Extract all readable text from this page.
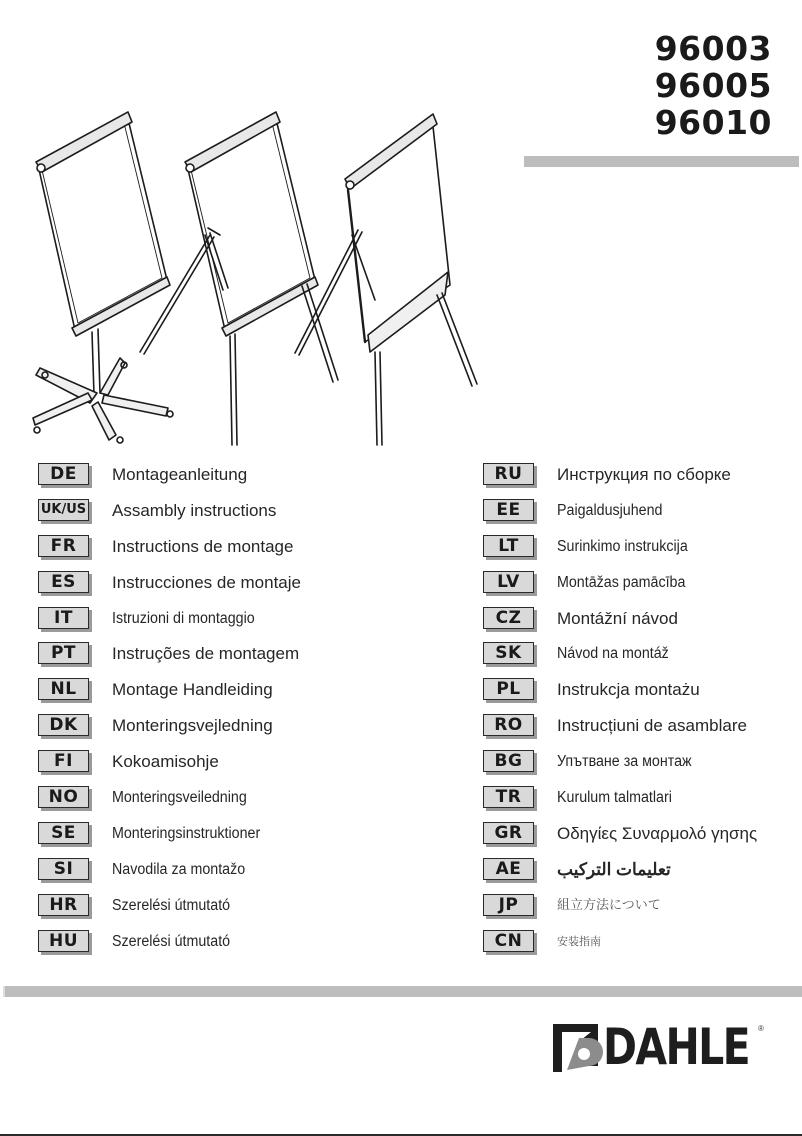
96003
96005
96010
DE	Montageanleitung
UK/US Assambly instructions
FR	Instructions de montage
ES	Instrucciones de montaje
IT	Istruzioni di montaggio
PT	Instruções de montagem
NL	Montage Handleiding
DK	Monteringsvejledning
FI	Kokoamisohje
NO	Monteringsveiledning
SE	Monteringsinstruktioner
SI	Navodila za montažo
HR	Szerelési útmutató
HU	Szerelési útmutató
RU	Инструкция по сборке
EE	Paigaldusjuhend
LT	Surinkimo instrukcija
LV	Montāžas pamācība
CZ	Montážní návod
SK	Návod na montáž
PL	Instrukcja montażu
RO	Instrucțiuni de asamblare
BG	Упътване за монтаж
TR	Kurulum talmatlari
GR	Οδηγίες Συναρμολό γησης
AE	تعليمات التركيب
JP	組立方法について
CN	安装指南
DAHLE ®
